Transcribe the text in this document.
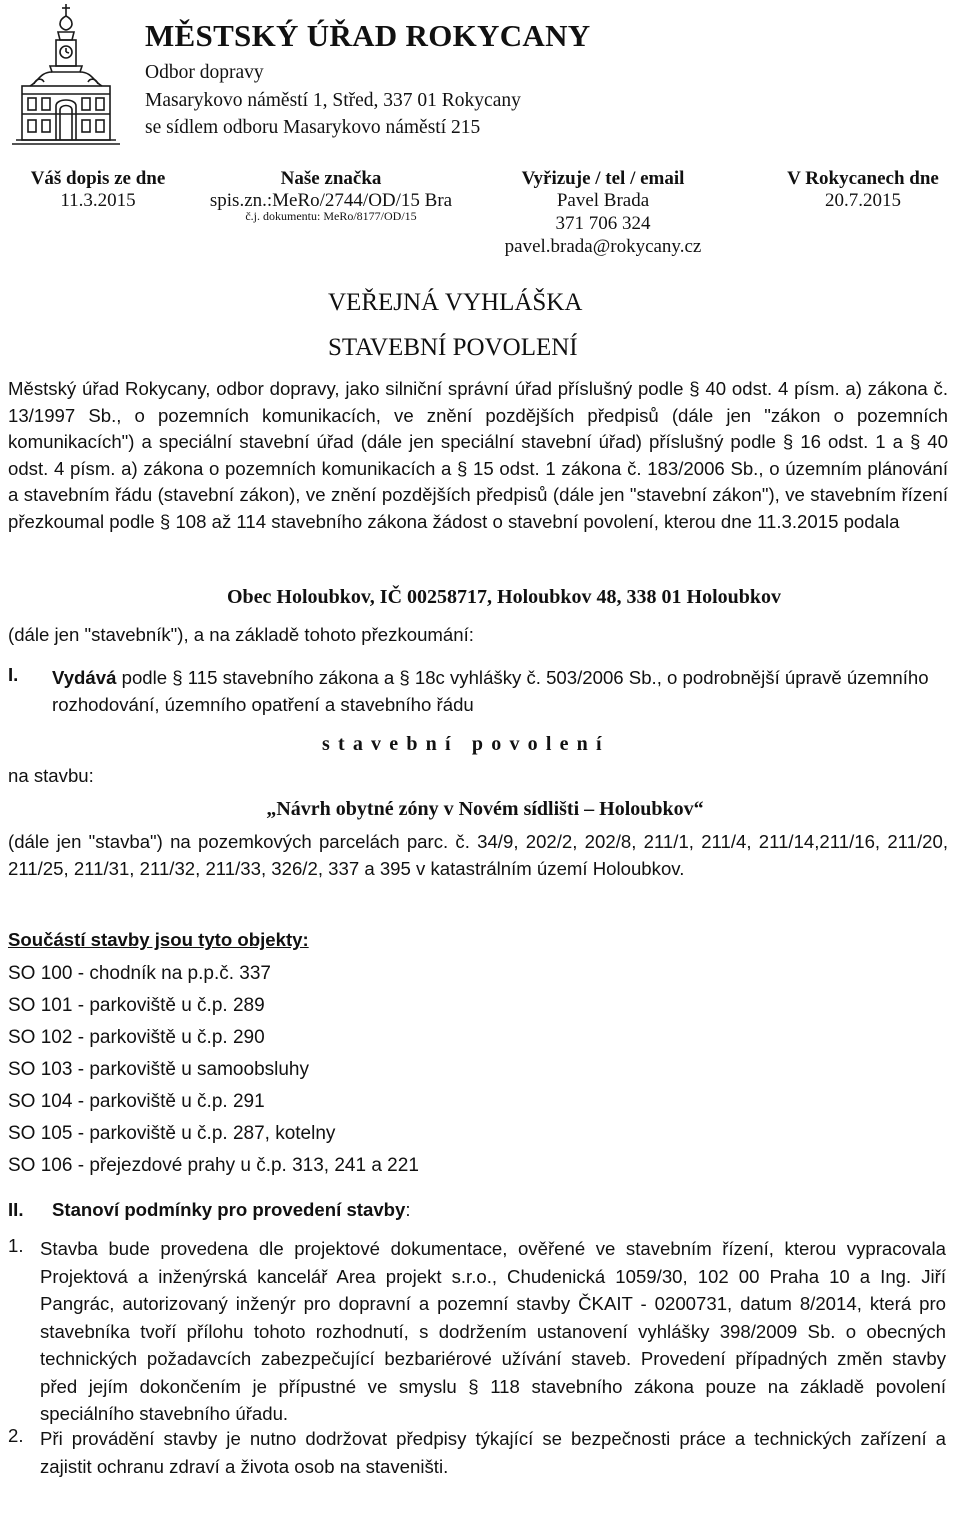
MĚSTSKÝ ÚŘAD ROKYCANY
Odbor dopravy
Masarykovo náměstí 1, Střed, 337 01 Rokycany
se sídlem odboru Masarykovo náměstí 215
Váš dopis ze dne
11.3.2015
Naše značka
spis.zn.:MeRo/2744/OD/15 Bra
č.j. dokumentu: MeRo/8177/OD/15
Vyřizuje / tel / email
Pavel Brada
371 706 324
pavel.brada@rokycany.cz
V Rokycanech dne
20.7.2015
VEŘEJNÁ VYHLÁŠKA
STAVEBNÍ POVOLENÍ
Městský úřad Rokycany, odbor dopravy, jako silniční správní úřad příslušný podle § 40 odst. 4 písm. a) zákona č. 13/1997 Sb., o pozemních komunikacích, ve znění pozdějších předpisů (dále jen "zákon o pozemních komunikacích") a speciální stavební úřad (dále jen speciální stavební úřad) příslušný podle § 16 odst. 1 a § 40 odst. 4 písm. a) zákona o pozemních komunikacích a § 15 odst. 1 zákona č. 183/2006 Sb., o územním plánování a stavebním řádu (stavební zákon), ve znění pozdějších předpisů (dále jen "stavební zákon"), ve stavebním řízení přezkoumal podle § 108 až 114 stavebního zákona žádost o stavební povolení, kterou dne 11.3.2015 podala
Obec Holoubkov, IČ 00258717, Holoubkov 48, 338 01 Holoubkov
(dále jen "stavebník"), a na základě tohoto přezkoumání:
I. Vydává podle § 115 stavebního zákona a § 18c vyhlášky č. 503/2006 Sb., o podrobnější úpravě územního rozhodování, územního opatření a stavebního řádu
s t a v e b n í   p o v o l e n í
na stavbu:
„Návrh obytné zóny v Novém sídlišti – Holoubkov“
(dále jen "stavba") na pozemkových parcelách parc. č. 34/9, 202/2, 202/8, 211/1, 211/4, 211/14,211/16, 211/20, 211/25, 211/31, 211/32, 211/33, 326/2, 337 a 395 v katastrálním území Holoubkov.
Součástí stavby jsou tyto objekty:
SO 100 - chodník na p.p.č. 337
SO 101 - parkoviště u č.p. 289
SO 102 - parkoviště u č.p. 290
SO 103 - parkoviště u samoobsluhy
SO 104 - parkoviště u č.p. 291
SO 105 - parkoviště u č.p. 287, kotelny
SO 106 - přejezdové prahy u č.p. 313, 241 a 221
II. Stanoví podmínky pro provedení stavby:
1. Stavba bude provedena dle projektové dokumentace, ověřené ve stavebním řízení, kterou vypracovala Projektová a inženýrská kancelář Area projekt s.r.o., Chudenická 1059/30, 102 00 Praha 10 a Ing. Jiří Pangrác, autorizovaný inženýr pro dopravní a pozemní stavby ČKAIT - 0200731, datum 8/2014, která pro stavebníka tvoří přílohu tohoto rozhodnutí, s dodržením ustanovení vyhlášky 398/2009 Sb. o obecných technických požadavcích zabezpečující bezbariérové užívání staveb. Provedení případných změn stavby před jejím dokončením je přípustné ve smyslu § 118 stavebního zákona pouze na základě povolení speciálního stavebního úřadu.
2. Při provádění stavby je nutno dodržovat předpisy týkající se bezpečnosti práce a technických zařízení a zajistit ochranu zdraví a života osob na staveništi.
